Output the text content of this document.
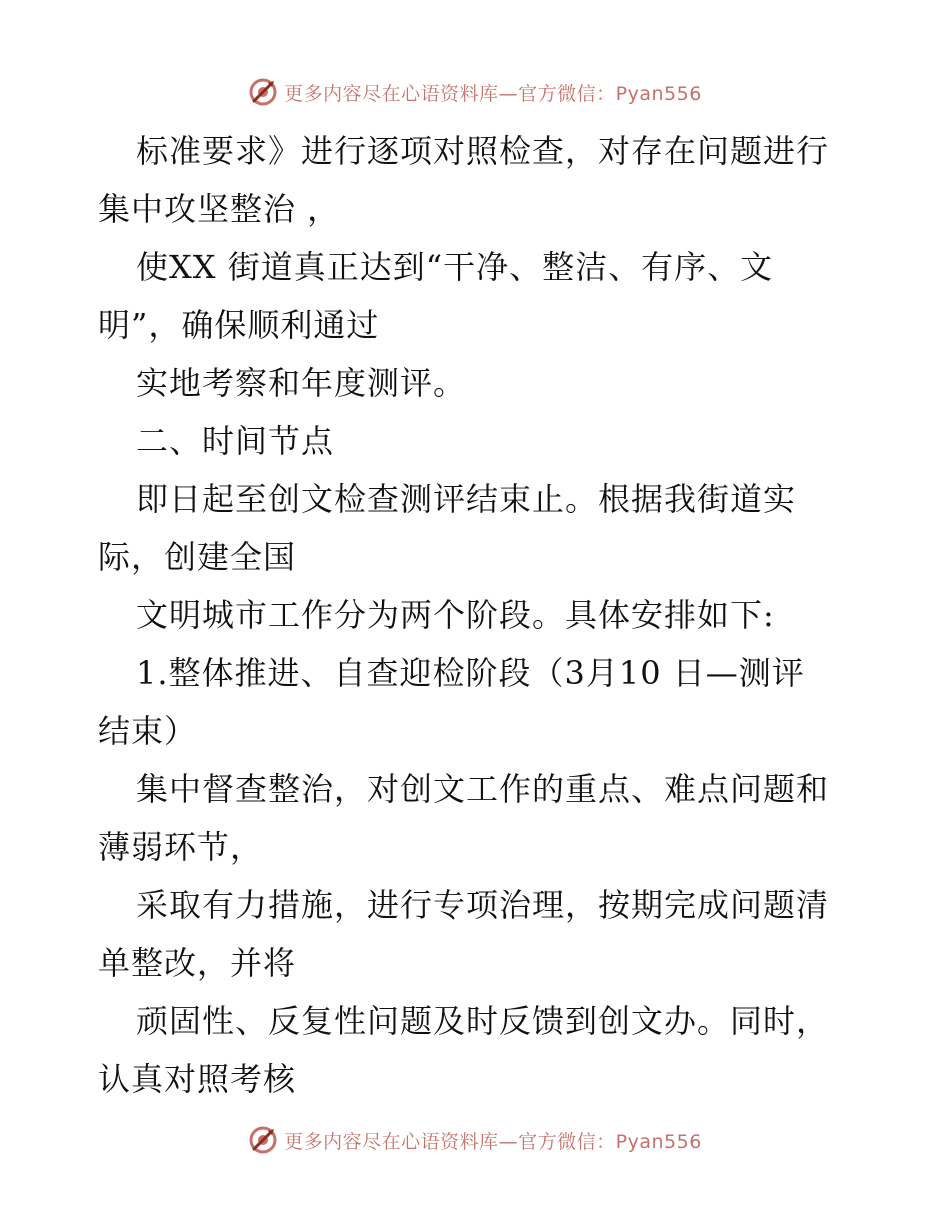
更多内容尽在心语资料库—官方微信：Pyan556
标准要求》进行逐项对照检查，对存在问题进行
集中攻坚整治 ，
使XX 街道真正达到“干净、整洁、有序、文
明”，确保顺利通过
实地考察和年度测评。
二、时间节点
即日起至创文检查测评结束止。根据我街道实
际，创建全国
文明城市工作分为两个阶段。具体安排如下:
1.整体推进、自查迎检阶段（3月10 日—测评
结束）
集中督查整治，对创文工作的重点、难点问题和
薄弱环节，
采取有力措施，进行专项治理，按期完成问题清
单整改，并将
顽固性、反复性问题及时反馈到创文办。同时，
认真对照考核
更多内容尽在心语资料库—官方微信：Pyan556
